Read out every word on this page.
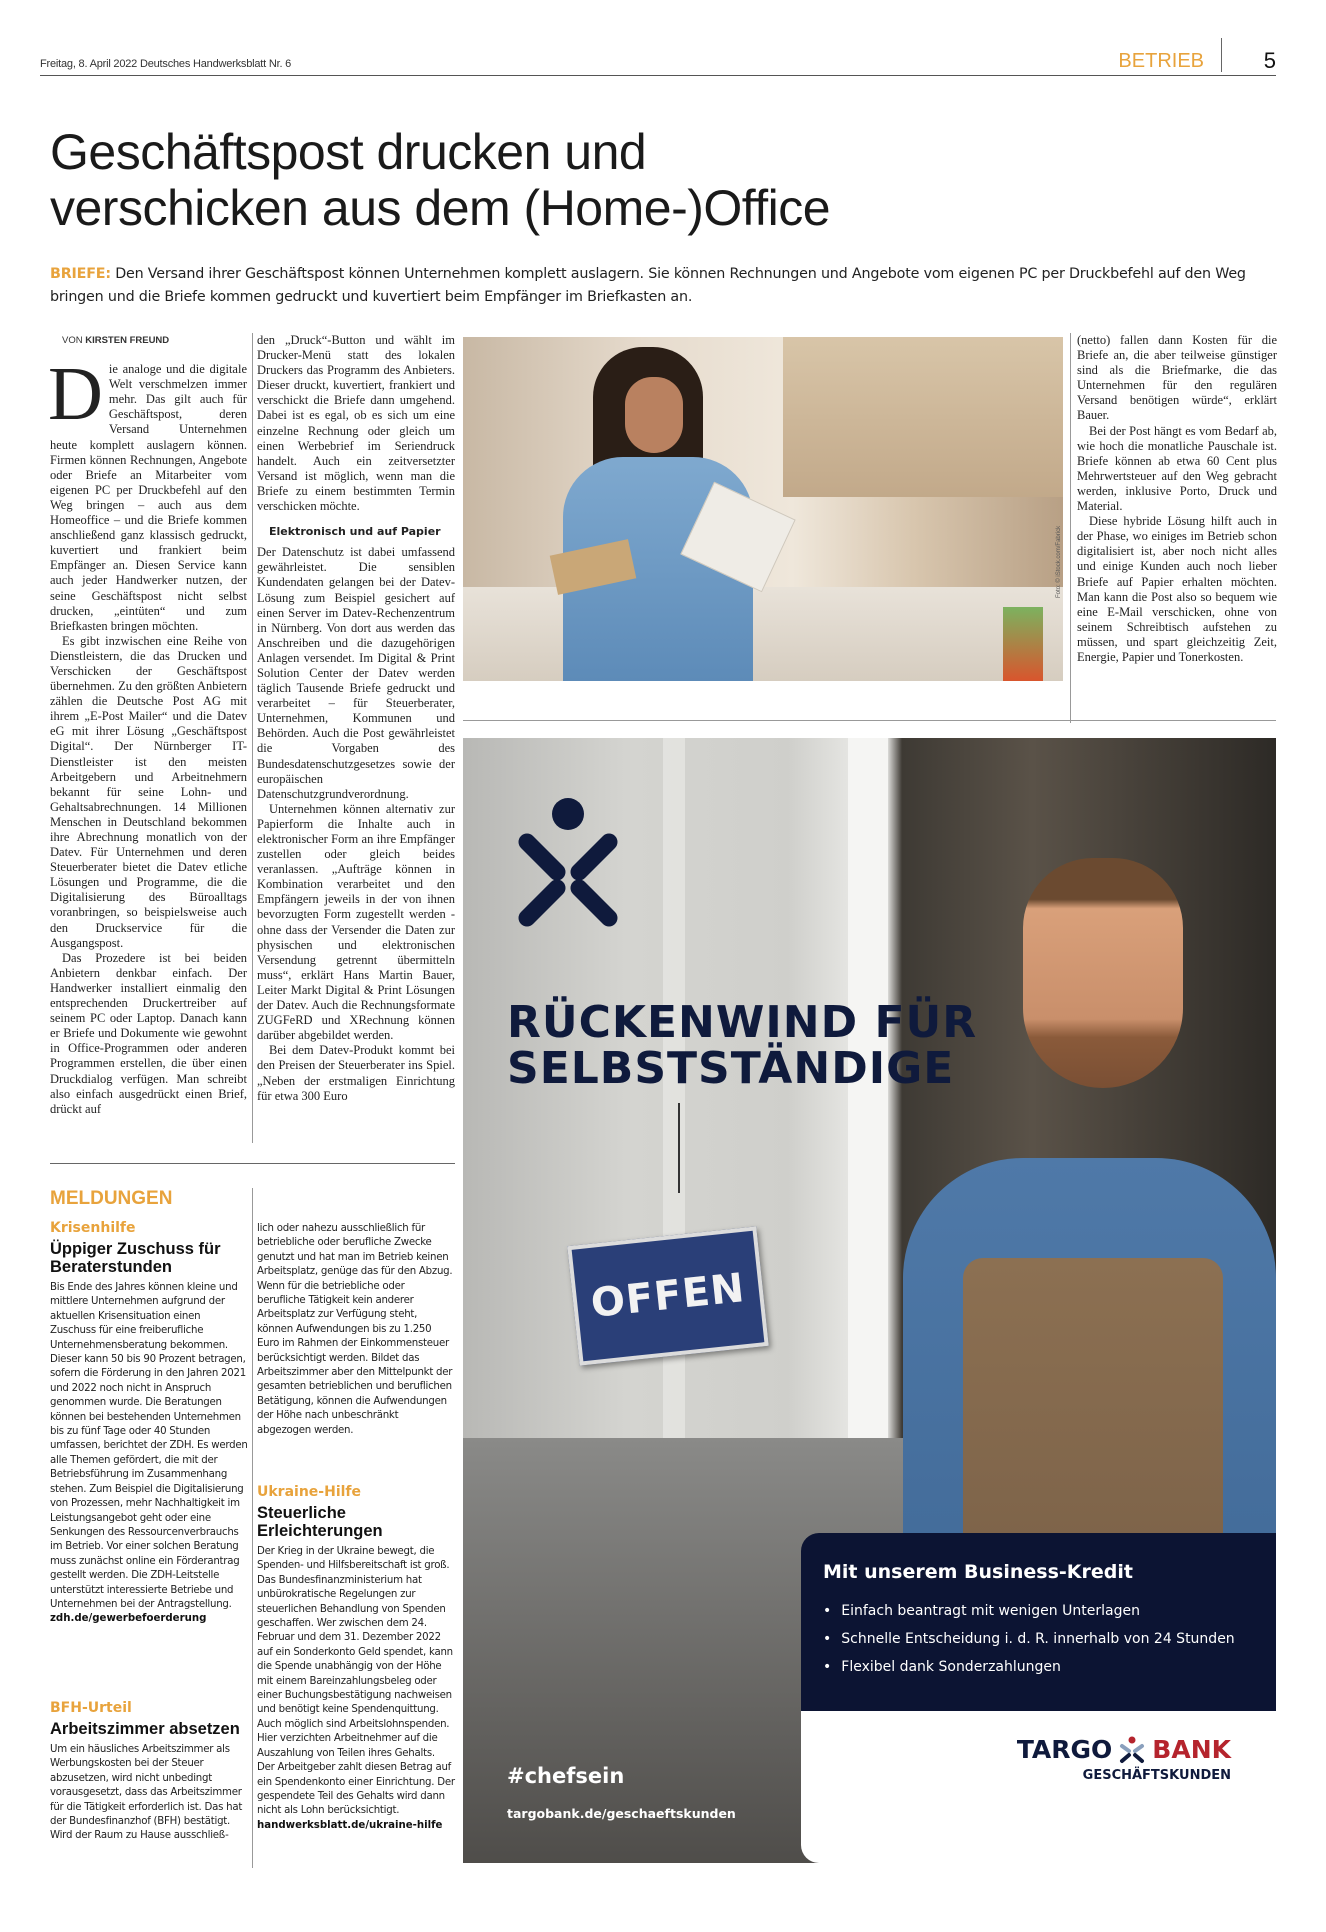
Freitag, 8. April 2022 Deutsches Handwerksblatt Nr. 6	BETRIEB	5
Geschäftspost drucken und
verschicken aus dem (Home-)Office

BRIEFE: Den Versand ihrer Geschäftspost können Unternehmen komplett auslagern. Sie können Rechnungen und Angebote vom eigenen PC per Druckbefehl auf den Weg bringen und die Briefe kommen gedruckt und kuvertiert beim Empfänger im Briefkasten an.

VON KIRSTEN FREUND

Die analoge und die digitale Welt verschmelzen immer mehr. Das gilt auch für Geschäftspost, deren Versand Unternehmen heute komplett auslagern können. Firmen können Rechnungen, Angebote oder Briefe an Mitarbeiter vom eigenen PC per Druckbefehl auf den Weg bringen – auch aus dem Homeoffice – und die Briefe kommen anschließend ganz klassisch gedruckt, kuvertiert und frankiert beim Empfänger an. Diesen Service kann auch jeder Handwerker nutzen, der seine Geschäftspost nicht selbst drucken, „eintüten“ und zum Briefkasten bringen möchten.

Es gibt inzwischen eine Reihe von Dienstleistern, die das Drucken und Verschicken der Geschäftspost übernehmen. Zu den größten Anbietern zählen die Deutsche Post AG mit ihrem „E-Post Mailer“ und die Datev eG mit ihrer Lösung „Geschäftspost Digital“. Der Nürnberger IT-Dienstleister ist den meisten Arbeitgebern und Arbeitnehmern bekannt für seine Lohn- und Gehaltsabrechnungen. 14 Millionen Menschen in Deutschland bekommen ihre Abrechnung monatlich von der Datev. Für Unternehmen und deren Steuerberater bietet die Datev etliche Lösungen und Programme, die die Digitalisierung des Büroalltags voranbringen, so beispielsweise auch den Druckservice für die Ausgangspost.

Das Prozedere ist bei beiden Anbietern denkbar einfach. Der Handwerker installiert einmalig den entsprechenden Druckertreiber auf seinem PC oder Laptop. Danach kann er Briefe und Dokumente wie gewohnt in Office-Programmen oder anderen Programmen erstellen, die über einen Druckdialog verfügen. Man schreibt also einfach ausgedrückt einen Brief, drückt auf

den „Druck“-Button und wählt im Drucker-Menü statt des lokalen Druckers das Programm des Anbieters. Dieser druckt, kuvertiert, frankiert und verschickt die Briefe dann umgehend. Dabei ist es egal, ob es sich um eine einzelne Rechnung oder gleich um einen Werbebrief im Seriendruck handelt. Auch ein zeitversetzter Versand ist möglich, wenn man die Briefe zu einem bestimmten Termin verschicken möchte.

Elektronisch und auf Papier

Der Datenschutz ist dabei umfassend gewährleistet. Die sensiblen Kundendaten gelangen bei der Datev-Lösung zum Beispiel gesichert auf einen Server im Datev-Rechenzentrum in Nürnberg. Von dort aus werden das Anschreiben und die dazugehörigen Anlagen versendet. Im Digital & Print Solution Center der Datev werden täglich Tausende Briefe gedruckt und verarbeitet – für Steuerberater, Unternehmen, Kommunen und Behörden. Auch die Post gewährleistet die Vorgaben des Bundesdatenschutzgesetzes sowie der europäischen Datenschutzgrundverordnung.

Unternehmen können alternativ zur Papierform die Inhalte auch in elektronischer Form an ihre Empfänger zustellen oder gleich beides veranlassen. „Aufträge können in Kombination verarbeitet und den Empfängern jeweils in der von ihnen bevorzugten Form zugestellt werden - ohne dass der Versender die Daten zur physischen und elektronischen Versendung getrennt übermitteln muss“, erklärt Hans Martin Bauer, Leiter Markt Digital & Print Lösungen der Datev. Auch die Rechnungsformate ZUGFeRD und XRechnung können darüber abgebildet werden.

Bei dem Datev-Produkt kommt bei den Preisen der Steuerberater ins Spiel. „Neben der erstmaligen Einrichtung für etwa 300 Euro

Foto: © iStock.com/Fabrick

(netto) fallen dann Kosten für die Briefe an, die aber teilweise günstiger sind als die Briefmarke, die das Unternehmen für den regulären Versand benötigen würde“, erklärt Bauer.

Bei der Post hängt es vom Bedarf ab, wie hoch die monatliche Pauschale ist. Briefe können ab etwa 60 Cent plus Mehrwertsteuer auf den Weg gebracht werden, inklusive Porto, Druck und Material.

Diese hybride Lösung hilft auch in der Phase, wo einiges im Betrieb schon digitalisiert ist, aber noch nicht alles und einige Kunden auch noch lieber Briefe auf Papier erhalten möchten. Man kann die Post also so bequem wie eine E-Mail verschicken, ohne von seinem Schreibtisch aufstehen zu müssen, und spart gleichzeitig Zeit, Energie, Papier und Tonerkosten.

MELDUNGEN
Krisenhilfe
Üppiger Zuschuss für Beraterstunden
Bis Ende des Jahres können kleine und mittlere Unternehmen aufgrund der aktuellen Krisensituation einen Zuschuss für eine freiberufliche Unternehmensberatung bekommen. Dieser kann 50 bis 90 Prozent betragen, sofern die Förderung in den Jahren 2021 und 2022 noch nicht in Anspruch genommen wurde. Die Beratungen können bei bestehenden Unternehmen bis zu fünf Tage oder 40 Stunden umfassen, berichtet der ZDH. Es werden alle Themen gefördert, die mit der Betriebsführung im Zusammenhang stehen. Zum Beispiel die Digitalisierung von Prozessen, mehr Nachhaltigkeit im Leistungsangebot geht oder eine Senkungen des Ressourcenverbrauchs im Betrieb. Vor einer solchen Beratung muss zunächst online ein Förderantrag gestellt werden. Die ZDH-Leitstelle unterstützt interessierte Betriebe und Unternehmen bei der Antragstellung.
zdh.de/gewerbefoerderung
BFH-Urteil
Arbeitszimmer absetzen
Um ein häusliches Arbeitszimmer als Werbungskosten bei der Steuer abzusetzen, wird nicht unbedingt vorausgesetzt, dass das Arbeitszimmer für die Tätigkeit erforderlich ist. Das hat der Bundesfinanzhof (BFH) bestätigt. Wird der Raum zu Hause ausschließ-
lich oder nahezu ausschließlich für betriebliche oder berufliche Zwecke genutzt und hat man im Betrieb keinen Arbeitsplatz, genüge das für den Abzug. Wenn für die betriebliche oder berufliche Tätigkeit kein anderer Arbeitsplatz zur Verfügung steht, können Aufwendungen bis zu 1.250 Euro im Rahmen der Einkommensteuer berücksichtigt werden. Bildet das Arbeitszimmer aber den Mittelpunkt der gesamten betrieblichen und beruflichen Betätigung, können die Aufwendungen der Höhe nach unbeschränkt abgezogen werden.
Ukraine-Hilfe
Steuerliche Erleichterungen
Der Krieg in der Ukraine bewegt, die Spenden- und Hilfsbereitschaft ist groß. Das Bundesfinanzministerium hat unbürokratische Regelungen zur steuerlichen Behandlung von Spenden geschaffen. Wer zwischen dem 24. Februar und dem 31. Dezember 2022 auf ein Sonderkonto Geld spendet, kann die Spende unabhängig von der Höhe mit einem Bareinzahlungsbeleg oder einer Buchungsbestätigung nachweisen und benötigt keine Spendenquittung. Auch möglich sind Arbeitslohnspenden. Hier verzichten Arbeitnehmer auf die Auszahlung von Teilen ihres Gehalts. Der Arbeitgeber zahlt diesen Betrag auf ein Spendenkonto einer Einrichtung. Der gespendete Teil des Gehalts wird dann nicht als Lohn berücksichtigt.
handwerksblatt.de/ukraine-hilfe
RÜCKENWIND FÜR
SELBSTSTÄNDIGE
OFFEN
#chefsein
targobank.de/geschaeftskunden
Mit unserem Business-Kredit
• Einfach beantragt mit wenigen Unterlagen
• Schnelle Entscheidung i. d. R. innerhalb von 24 Stunden
• Flexibel dank Sonderzahlungen
TARGO BANK
GESCHÄFTSKUNDEN
